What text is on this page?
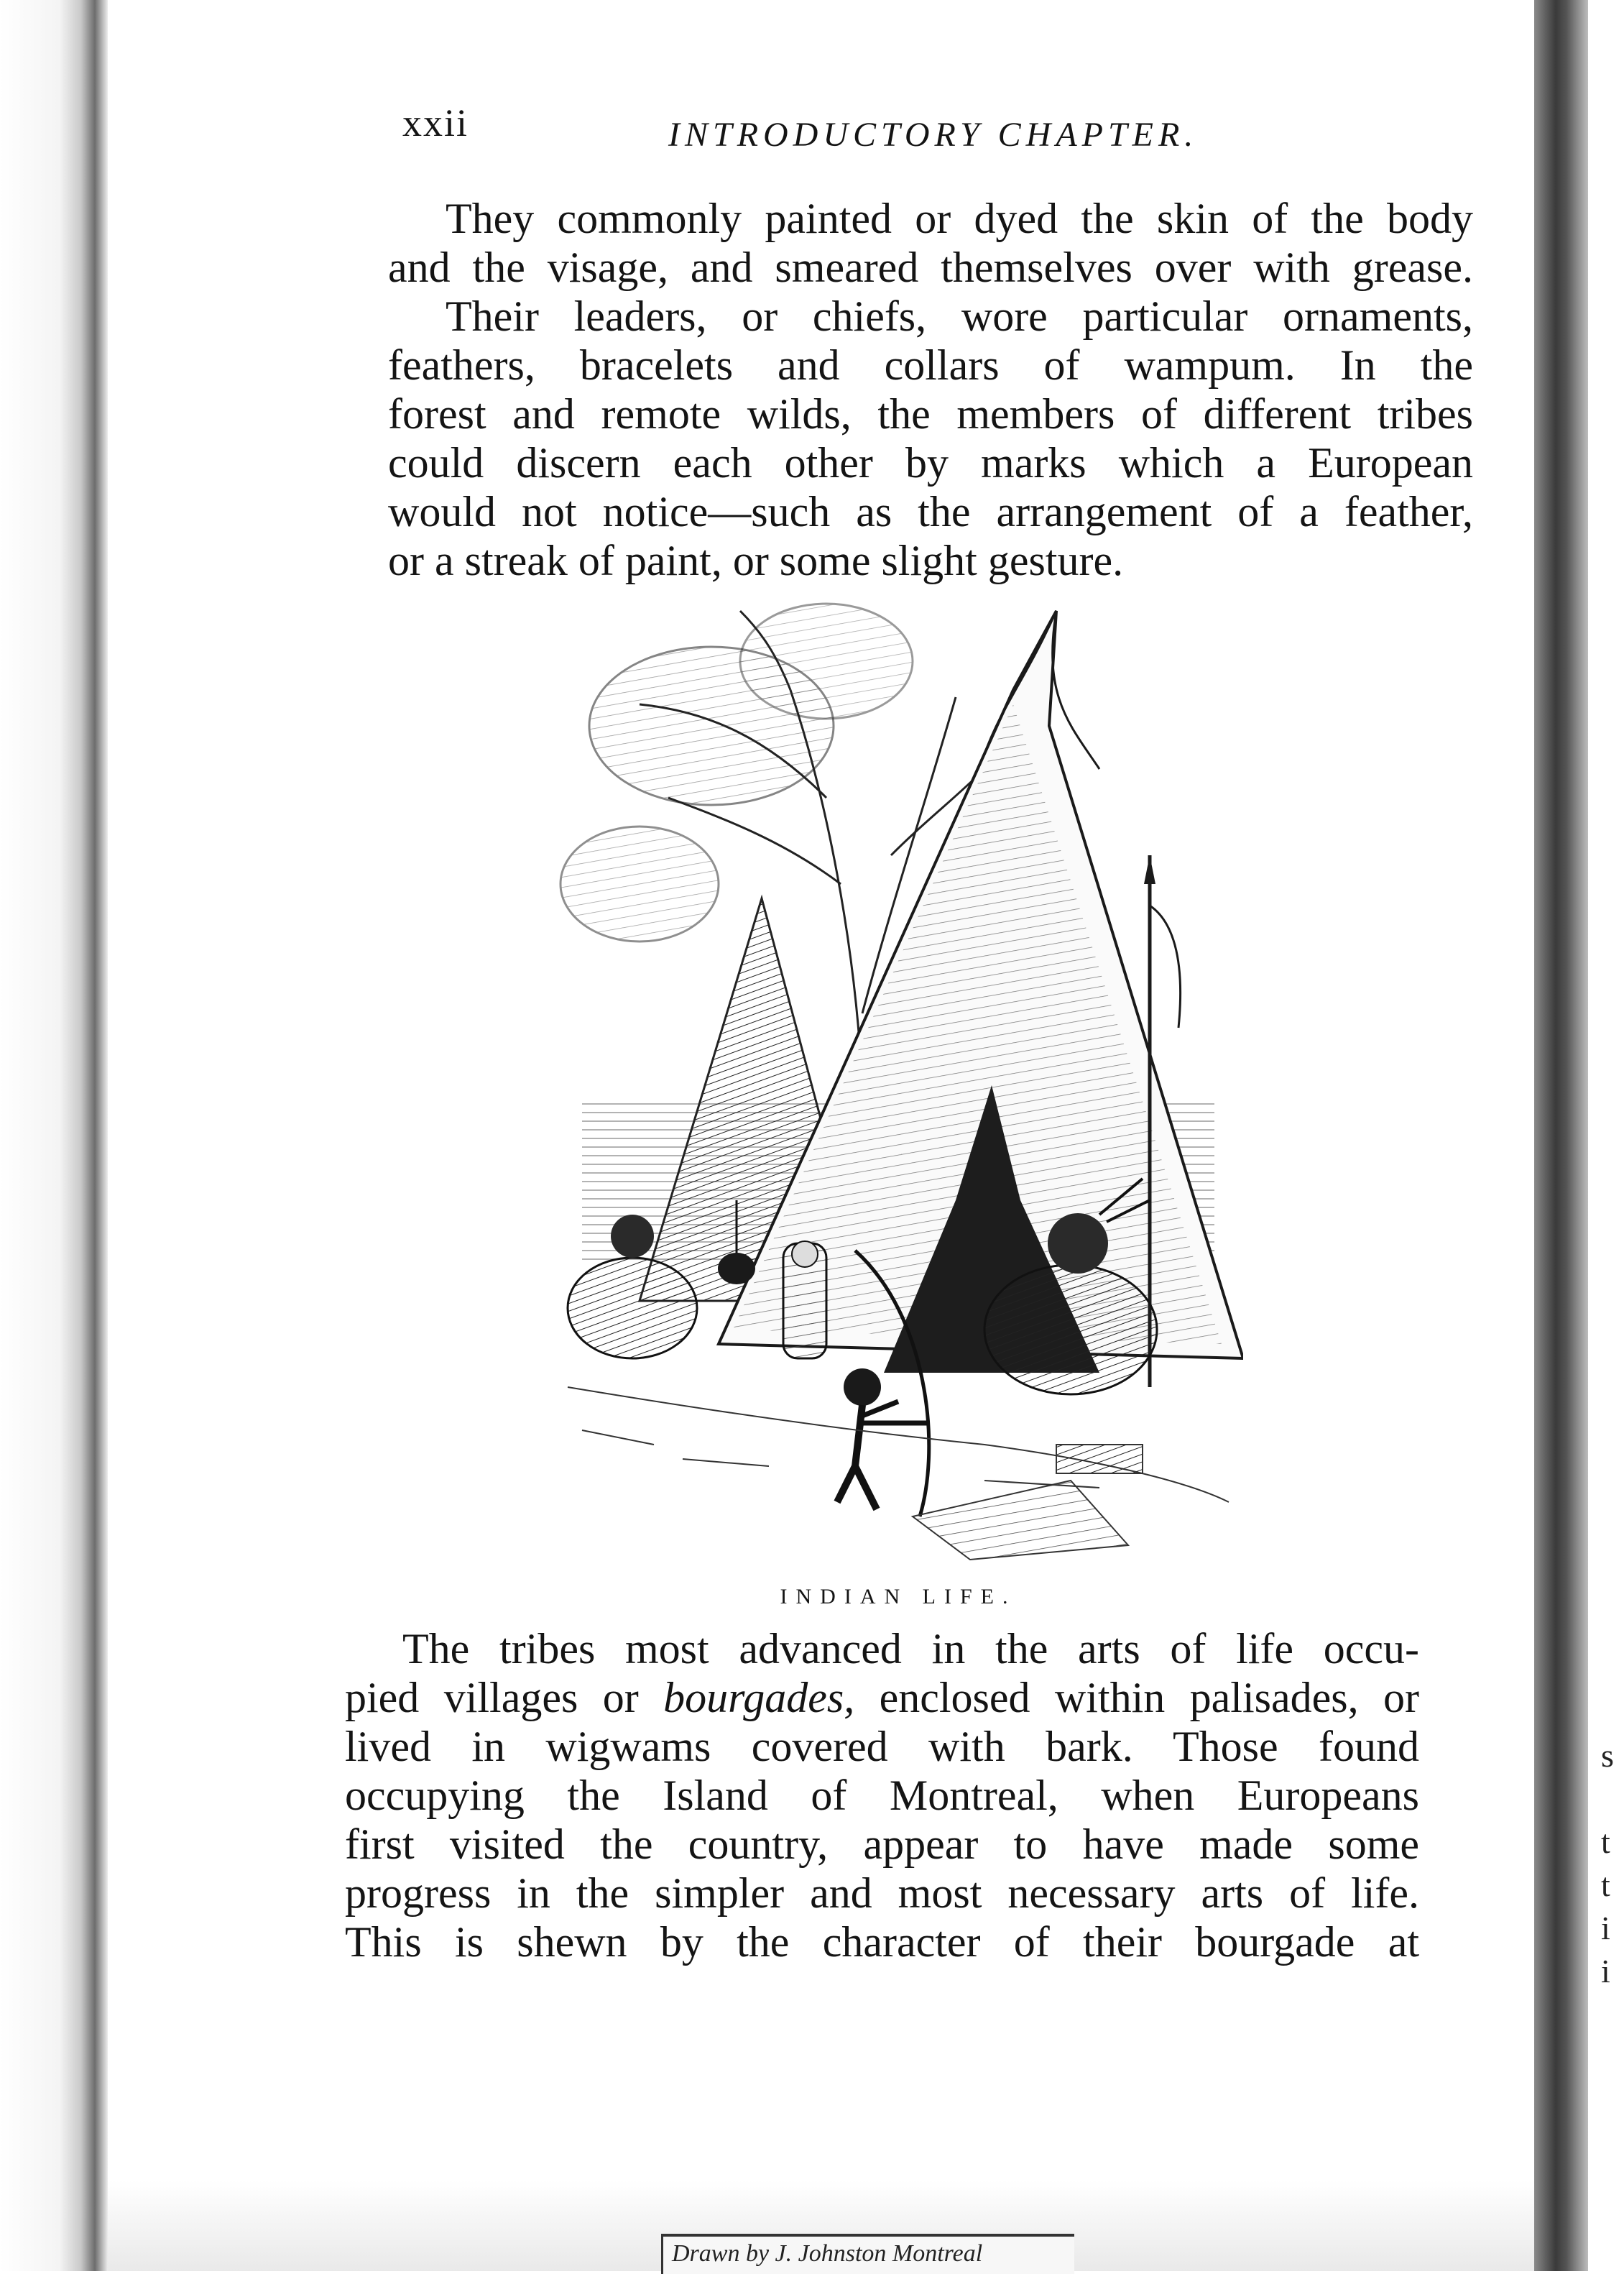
s
t
t
i
i
xxii	INTRODUCTORY CHAPTER.
They commonly painted or dyed the skin of the body
and the visage, and smeared themselves over with grease.
Their leaders, or chiefs, wore particular ornaments,
feathers, bracelets and collars of wampum. In the
forest and remote wilds, the members of different tribes
could discern each other by marks which a European
would not notice—such as the arrangement of a feather,
or a streak of paint, or some slight gesture.
INDIAN LIFE.
The tribes most advanced in the arts of life occu-
pied villages or bourgades, enclosed within palisades, or
lived in wigwams covered with bark. Those found
occupying the Island of Montreal, when Europeans
first visited the country, appear to have made some
progress in the simpler and most necessary arts of life.
This is shewn by the character of their bourgade at
Drawn by J. Johnston Montreal
